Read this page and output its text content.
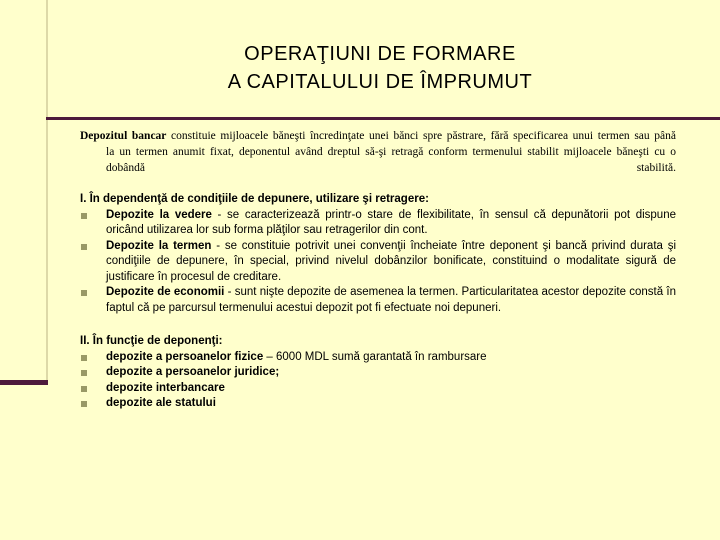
OPERAŢIUNI DE FORMARE
A CAPITALULUI DE ÎMPRUMUT
Depozitul bancar constituie mijloacele băneşti încredinţate unei bănci spre păstrare, fără specificarea unui termen sau până
la un termen anumit fixat, deponentul având dreptul să-şi retragă conform termenului stabilit mijloacele băneşti cu o dobândă stabilită.
I. În dependenţă de condiţiile de depunere, utilizare şi retragere:
Depozite la vedere - se caracterizează printr-o stare de flexibilitate, în sensul că depunătorii pot dispune oricând utilizarea lor sub forma plăţilor sau retragerilor din cont.
Depozite la termen - se constituie potrivit unei convenţii încheiate între deponent şi bancă privind durata şi condiţiile de depunere, în special, privind nivelul dobânzilor bonificate, constituind o modalitate sigură de justificare în procesul de creditare.
Depozite de economii - sunt nişte depozite de asemenea la termen. Particularitatea acestor depozite constă în faptul că pe parcursul termenului acestui depozit pot fi efectuate noi depuneri.
II. În funcţie de deponenţi:
depozite a persoanelor fizice – 6000 MDL sumă garantată în rambursare
depozite a persoanelor juridice;
depozite interbancare
depozite ale statului
